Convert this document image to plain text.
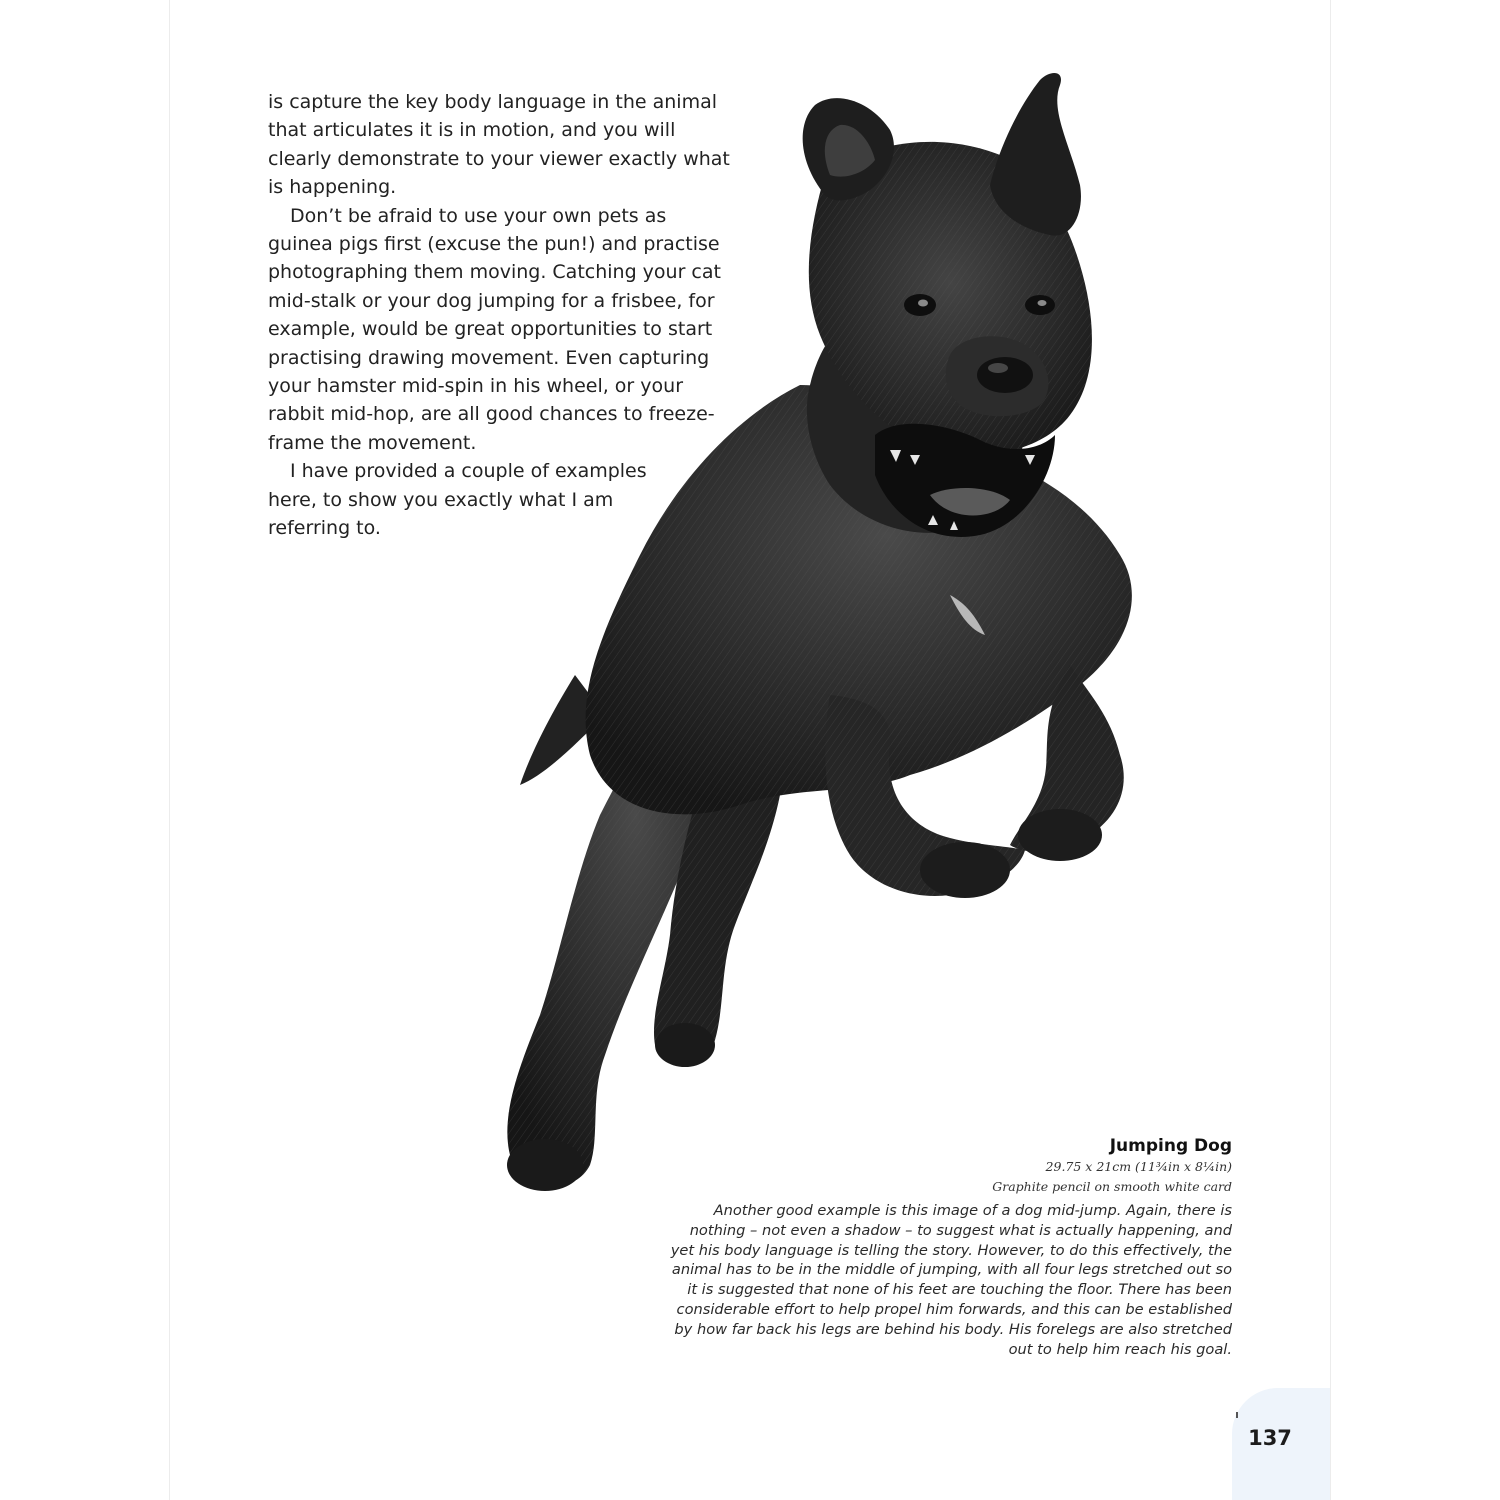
is capture the key body language in the animal

that articulates it is in motion, and you will

clearly demonstrate to your viewer exactly what

is happening.

Don’t be afraid to use your own pets as

guinea pigs first (excuse the pun!) and practise

photographing them moving. Catching your cat

mid-stalk or your dog jumping for a frisbee, for

example, would be great opportunities to start

practising drawing movement. Even capturing

your hamster mid-spin in his wheel, or your

rabbit mid-hop, are all good chances to freeze-

frame the movement.

I have provided a couple of examples

here, to show you exactly what I am

referring to.

Jumping Dog
29.75 x 21cm (11¾in x 8¼in)
Graphite pencil on smooth white card
Another good example is this image of a dog mid-jump. Again, there is
nothing – not even a shadow – to suggest what is actually happening, and
yet his body language is telling the story. However, to do this effectively, the
animal has to be in the middle of jumping, with all four legs stretched out so
it is suggested that none of his feet are touching the floor. There has been
considerable effort to help propel him forwards, and this can be established
by how far back his legs are behind his body. His forelegs are also stretched
out to help him reach his goal.
137
